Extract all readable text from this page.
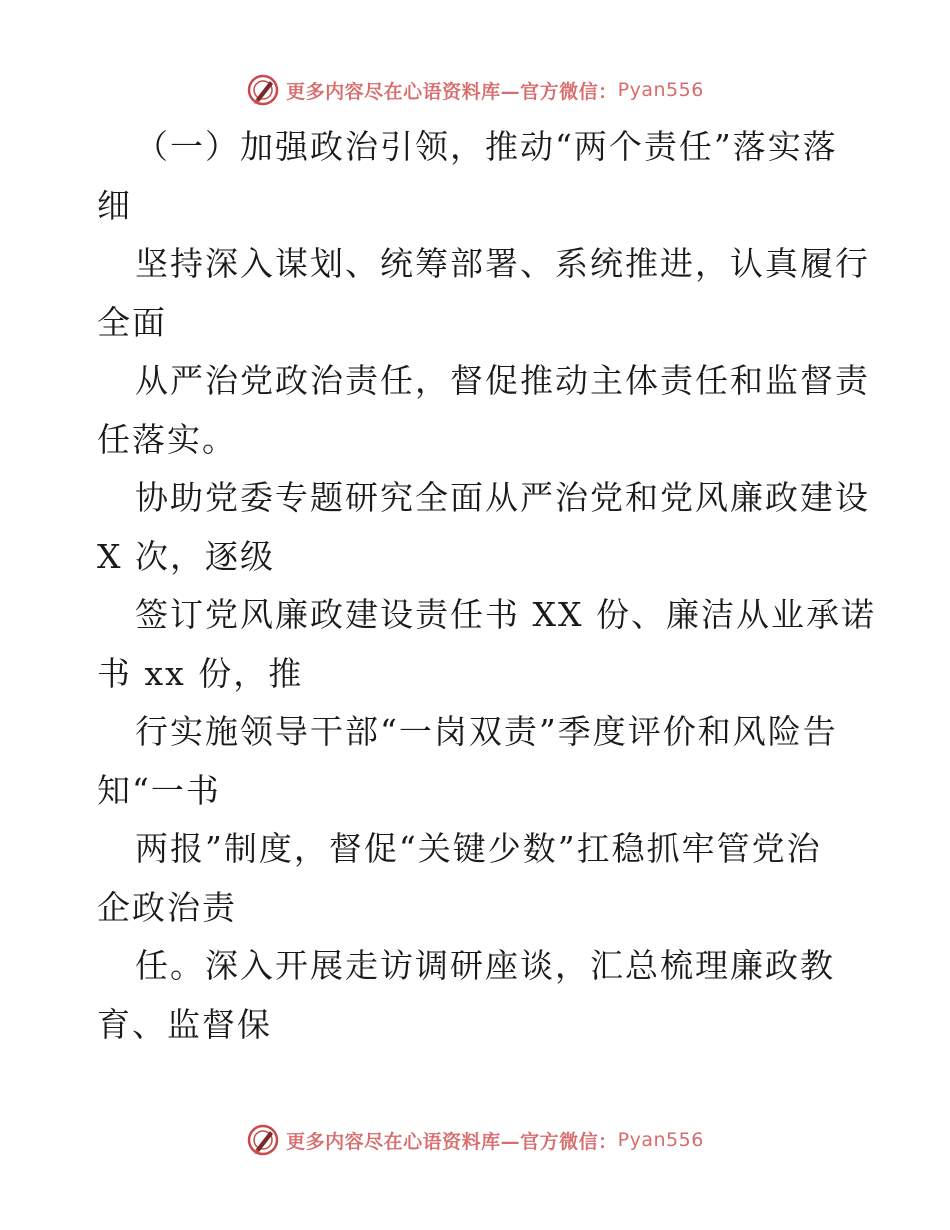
更多内容尽在心语资料库—官方微信： Pyan556
（一）加强政治引领，推动“两个责任”落实落
细
坚持深入谋划、统筹部署、系统推进，认真履行
全面
从严治党政治责任，督促推动主体责任和监督责
任落实。
协助党委专题研究全面从严治党和党风廉政建设
X 次，逐级
签订党风廉政建设责任书 XX 份、廉洁从业承诺
书 xx 份，推
行实施领导干部“一岗双责”季度评价和风险告
知“一书
两报”制度，督促“关键少数”扛稳抓牢管党治
企政治责
任。深入开展走访调研座谈，汇总梳理廉政教
育、监督保
更多内容尽在心语资料库—官方微信： Pyan556
